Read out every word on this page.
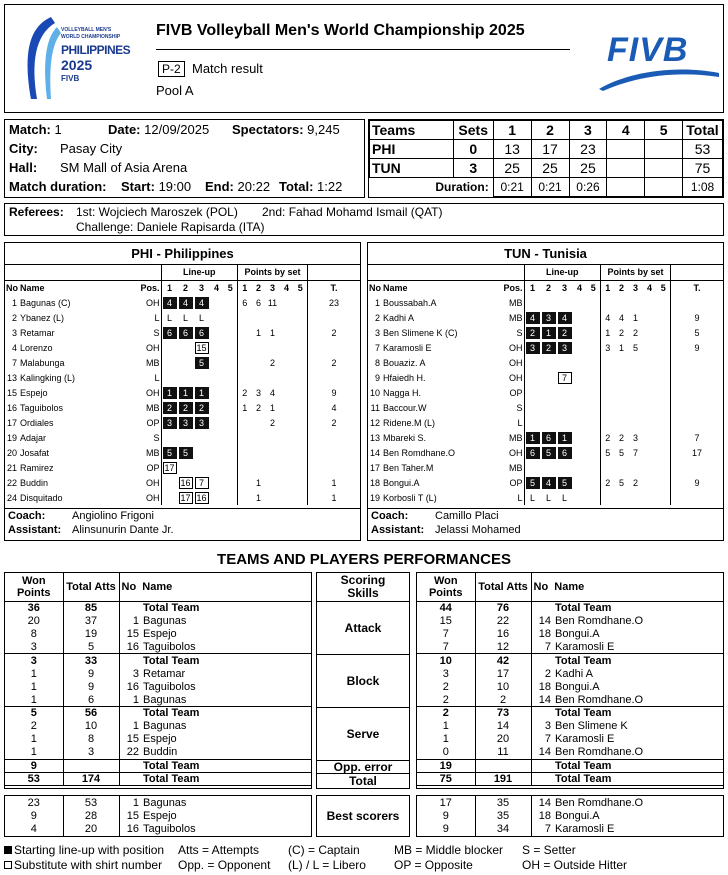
VOLLEYBALL MEN'S
WORLD CHAMPIONSHIP
PHILIPPINES
2025
FIVB
FIVB Volleyball Men's World Championship 2025
P-2 Match result
Pool A
FIVB
Match: 1	Date: 12/09/2025 Spectators: 9,245
City: Pasay City
Hall: SM Mall of Asia Arena
Match duration: Start: 19:00 End: 20:22 Total: 1:22
Teams	Sets	1	2	3	4	5	Total
PHI	0	13	17	23			53
TUN	3	25	25	25			75
Duration:		0:21	0:21	0:26			1:08
Referees: 1st: Wojciech Maroszek (POL) 2nd: Fahad Mohamd Ismail (QAT)
Challenge: Daniele Rapisarda (ITA)
PHI - Philippines
			Line-up					Points by set					
No	Name	Pos.	1	2	3	4	5	1	2	3	4	5	T.
1	Bagunas (C)	OH	4	4	4			6	6	11			23
2	Ybanez (L)	L	L	L	L								
3	Retamar	S	6	6	6				1	1			2
4	Lorenzo	OH			15								
7	Malabunga	MB			5					2			2
13	Kalingking (L)	L											
15	Espejo	OH	1	1	1			2	3	4			9
16	Taguibolos	MB	2	2	2			1	2	1			4
17	Ordiales	OP	3	3	3					2			2
19	Adajar	S											
20	Josafat	MB	5	5									
21	Ramirez	OP	17										
22	Buddin	OH		16	7				1				1
24	Disquitado	OH		17	16				1				1
Coach: Angiolino Frigoni
Assistant: Alinsunurin Dante Jr.
TUN - Tunisia
			Line-up					Points by set					
No	Name	Pos.	1	2	3	4	5	1	2	3	4	5	T.
1	Boussabah.A	MB											
2	Kadhi A	MB	4	3	4			4	4	1			9
3	Ben Slimene K (C)	S	2	1	2			1	2	2			5
7	Karamosli E	OH	3	2	3			3	1	5			9
8	Bouaziz. A	OH											
9	Hfaiedh H.	OH			7								
10	Nagga H.	OP											
11	Baccour.W	S											
12	Ridene.M (L)	L											
13	Mbareki S.	MB	1	6	1			2	2	3			7
14	Ben Romdhane.O	OH	6	5	6			5	5	7			17
17	Ben Taher.M	MB											
18	Bongui.A	OP	5	4	5			2	5	2			9
19	Korbosli T (L)	L	L	L	L								
Coach: Camillo Placi
Assistant: Jelassi Mohamed
TEAMS AND PLAYERS PERFORMANCES
Won Points	Total Atts	No  Name	
36	85		Total Team
20	37	1	Bagunas
8	19	15	Espejo
3	5	16	Taguibolos
3	33		Total Team
1	9	3	Retamar
1	9	16	Taguibolos
1	6	1	Bagunas
5	56		Total Team
2	10	1	Bagunas
1	8	15	Espejo
1	3	22	Buddin
9			Total Team
53	174		Total Team
Scoring Skills
Attack
Block
Serve
Opp. error
Total
Won Points	Total Atts	No  Name	
44	76		Total Team
15	22	14	Ben Romdhane.O
7	16	18	Bongui.A
7	12	7	Karamosli E
10	42		Total Team
3	17	2	Kadhi A
2	10	18	Bongui.A
2	2	14	Ben Romdhane.O
2	73		Total Team
1	14	3	Ben Slimene K
1	20	7	Karamosli E
0	11	14	Ben Romdhane.O
19			Total Team
75	191		Total Team
23	53	1	Bagunas
9	28	15	Espejo
4	20	16	Taguibolos
Best scorers
17	35	14	Ben Romdhane.O
9	35	18	Bongui.A
9	34	7	Karamosli E
Starting line-up with position Atts = Attempts (C) = Captain	MB = Middle blocker S = Setter
Substitute with shirt number Opp. = Opponent (L) / L = Libero OP = Opposite	OH = Outside Hitter
